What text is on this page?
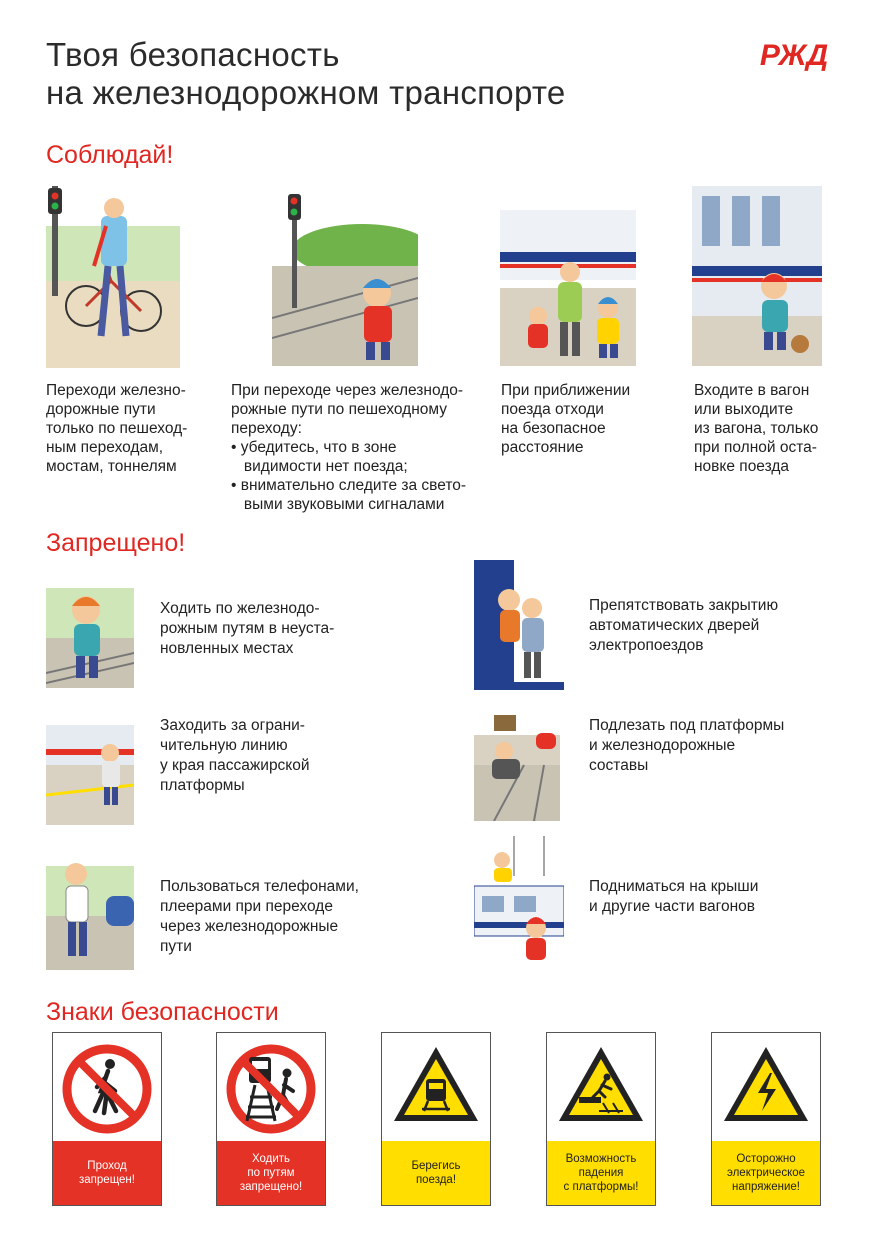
Твоя безопасность
на железнодорожном транспорте
РЖД
Соблюдай!
Переходи железно-
дорожные пути
только по пешеход-
ным переходам,
мостам, тоннелям
При переходе через железнодо-
рожные пути по пешеходному
переходу:
• убедитесь, что в зоне
видимости нет поезда;
• внимательно следите за свето-
выми звуковыми сигналами
При приближении
поезда отходи
на безопасное
расстояние
Входите в вагон
или выходите
из вагона, только
при полной оста-
новке поезда
Запрещено!
Ходить по железнодо-
рожным путям в неуста-
новленных местах
Препятствовать закрытию
автоматических дверей
электропоездов
Заходить за ограни-
чительную линию
у края пассажирской
платформы
Подлезать под платформы
и железнодорожные
составы
Пользоваться телефонами,
плеерами при переходе
через железнодорожные
пути
Подниматься на крыши
и другие части вагонов
Знаки безопасности
Проход
запрещен!
Ходить
по путям
запрещено!
Берегись
поезда!
Возможность
падения
с платформы!
Осторожно
электрическое
напряжение!
